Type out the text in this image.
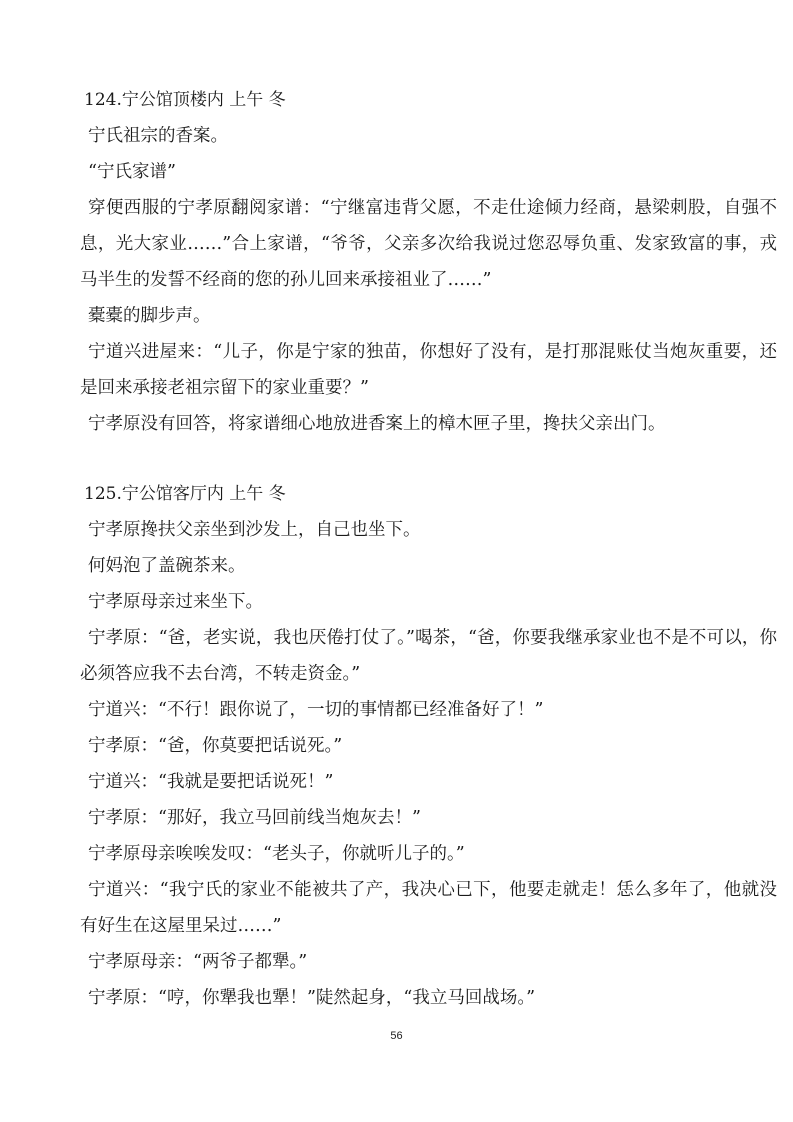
124.宁公馆顶楼内 上午 冬

宁氏祖宗的香案。

“宁氏家谱”

穿便西服的宁孝原翻阅家谱：“宁继富违背父愿，不走仕途倾力经商，悬梁刺股，自强不息，光大家业……”合上家谱，“爷爷，父亲多次给我说过您忍辱负重、发家致富的事，戎马半生的发誓不经商的您的孙儿回来承接祖业了……”

橐橐的脚步声。

宁道兴进屋来：“儿子，你是宁家的独苗，你想好了没有，是打那混账仗当炮灰重要，还是回来承接老祖宗留下的家业重要？”

宁孝原没有回答，将家谱细心地放进香案上的樟木匣子里，搀扶父亲出门。

125.宁公馆客厅内 上午 冬

宁孝原搀扶父亲坐到沙发上，自己也坐下。

何妈泡了盖碗茶来。

宁孝原母亲过来坐下。

宁孝原：“爸，老实说，我也厌倦打仗了。”喝茶，“爸，你要我继承家业也不是不可以，你必须答应我不去台湾，不转走资金。”

宁道兴：“不行！跟你说了，一切的事情都已经准备好了！”

宁孝原：“爸，你莫要把话说死。”

宁道兴：“我就是要把话说死！”

宁孝原：“那好，我立马回前线当炮灰去！”

宁孝原母亲唉唉发叹：“老头子，你就听儿子的。”

宁道兴：“我宁氏的家业不能被共了产，我决心已下，他要走就走！恁么多年了，他就没有好生在这屋里呆过……”

宁孝原母亲：“两爷子都犟。”

宁孝原：“哼，你犟我也犟！”陡然起身，“我立马回战场。”

56
